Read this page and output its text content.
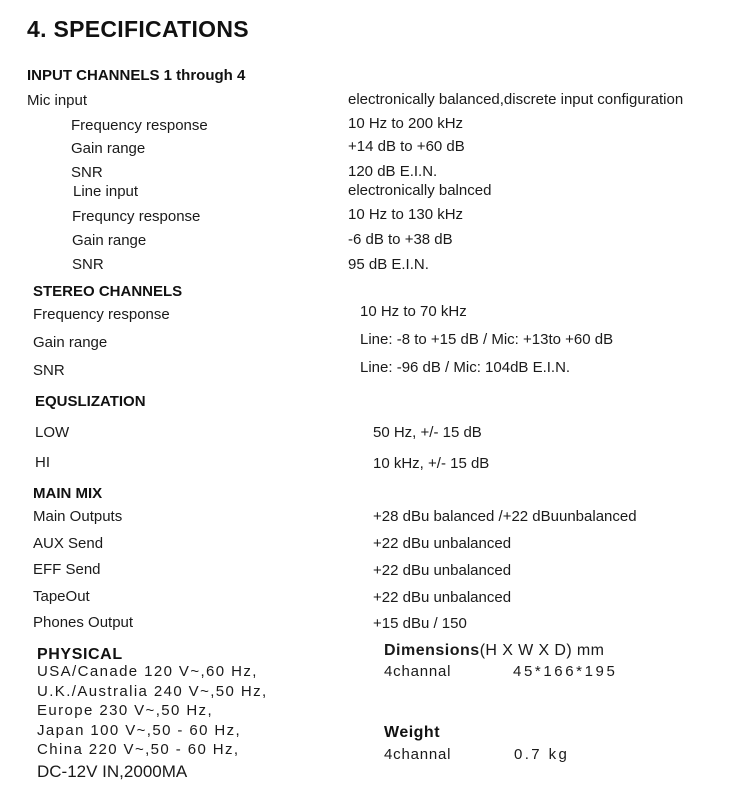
4. SPECIFICATIONS
INPUT CHANNELS 1 through 4
Mic input	electronically balanced,discrete input configuration
Frequency response	10 Hz to 200 kHz
Gain range	+14 dB to +60 dB
SNR	120 dB E.I.N.
Line input	electronically balnced
Frequncy response	10 Hz to 130 kHz
Gain range	-6 dB to +38 dB
SNR	95 dB E.I.N.
STEREO CHANNELS
Frequency response	10 Hz to 70 kHz
Gain range	Line: -8 to +15 dB / Mic: +13to +60 dB
SNR	Line: -96 dB / Mic: 104dB E.I.N.
EQUSLIZATION
LOW	50 Hz, +/- 15 dB
HI	10 kHz, +/- 15 dB
MAIN MIX
Main Outputs	+28 dBu balanced /+22 dBuunbalanced
AUX Send	+22 dBu unbalanced
EFF Send	+22 dBu unbalanced
TapeOut	+22 dBu unbalanced
Phones Output	+15 dBu / 150
PHYSICAL
USA/Canade 120 V~,60 Hz,
U.K./Australia 240 V~,50 Hz,
Europe 230 V~,50 Hz,
Japan 100 V~,50 - 60 Hz,
China 220 V~,50 - 60 Hz,
DC-12V IN,2000MA
Dimensions(H X W X D) mm
4channal	45*166*195
Weight
4channal	0.7 kg
